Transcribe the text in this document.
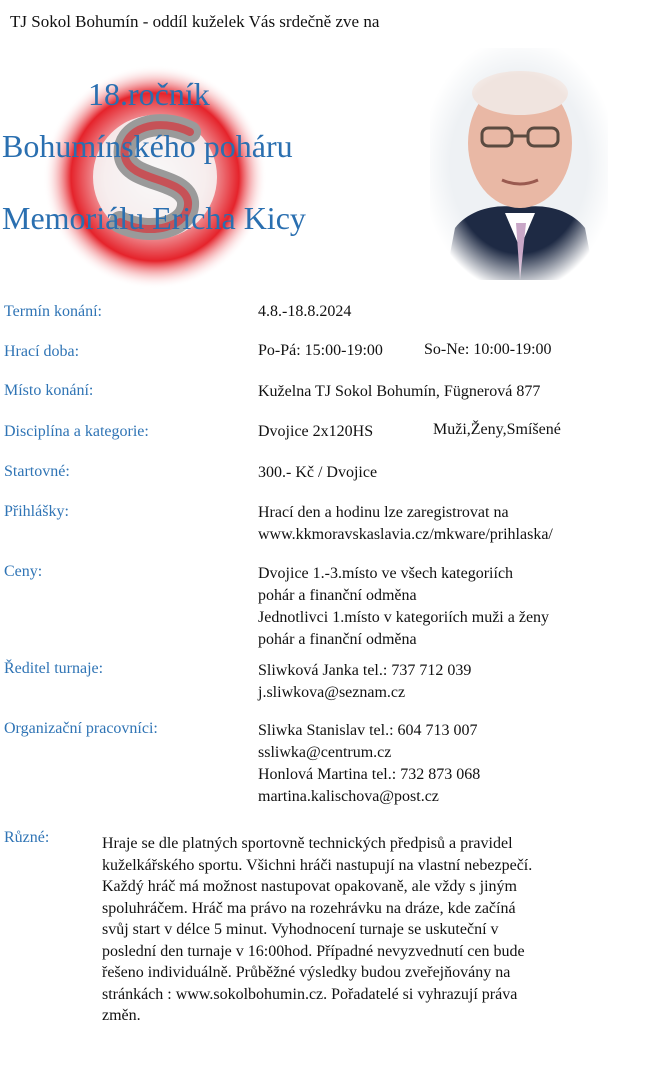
TJ Sokol Bohumín - oddíl kuželek Vás srdečně zve na
18.ročník
Bohumínského poháru
Memoriálu Ericha Kicy
Termín konání:	4.8.-18.8.2024
Hrací doba:	Po-Pá: 15:00-19:00	So-Ne: 10:00-19:00
Místo konání:	Kuželna TJ Sokol Bohumín, Fügnerová 877
Disciplína a kategorie:	Dvojice 2x120HS	Muži,Ženy,Smíšené
Startovné:	300.- Kč / Dvojice
Přihlášky:	Hrací den a hodinu lze zaregistrovat na
www.kkmoravskaslavia.cz/mkware/prihlaska/
Ceny:	Dvojice 1.-3.místo ve všech kategoriích
pohár a finanční odměna
Jednotlivci 1.místo v kategoriích muži a ženy
pohár a finanční odměna
Ředitel turnaje:	Sliwková Janka tel.: 737 712 039
j.sliwkova@seznam.cz
Organizační pracovníci:	Sliwka Stanislav tel.: 604 713 007
ssliwka@centrum.cz
Honlová Martina tel.: 732 873 068
martina.kalischova@post.cz
Různé:	Hraje se dle platných sportovně technických předpisů a pravidel
kuželkářského sportu. Všichni hráči nastupují na vlastní nebezpečí.
Každý hráč má možnost nastupovat opakovaně, ale vždy s jiným
spoluhráčem. Hráč ma právo na rozehrávku na dráze, kde začíná
svůj start v délce 5 minut. Vyhodnocení turnaje se uskuteční v
poslední den turnaje v 16:00hod. Případné nevyzvednutí cen bude
řešeno individuálně. Průběžné výsledky budou zveřejňovány na
stránkách : www.sokolbohumin.cz. Pořadatelé si vyhrazují práva
změn.
